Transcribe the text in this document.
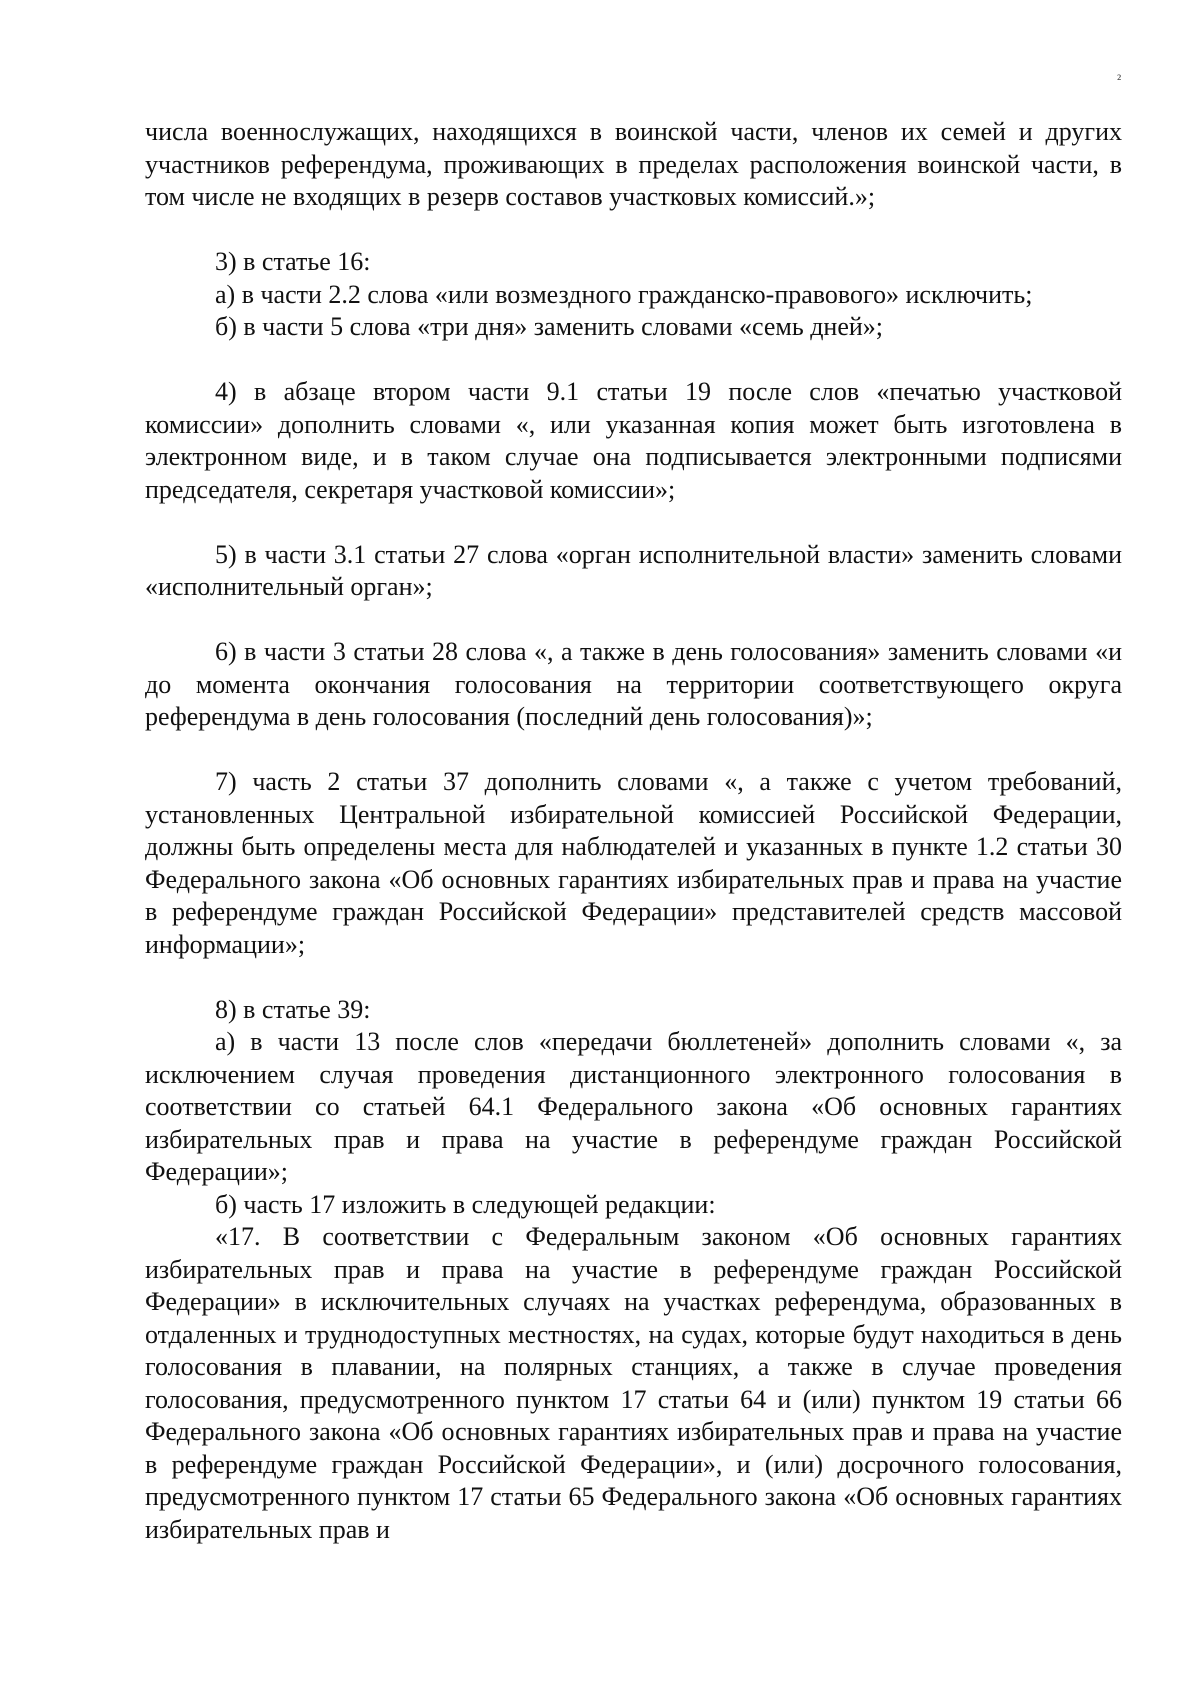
²

числа военнослужащих, находящихся в воинской части, членов их семей и других участников референдума, проживающих в пределах расположения воинской части, в том числе не входящих в резерв составов участковых комиссий.»;

3) в статье 16:

а) в части 2.2 слова «или возмездного гражданско-правового» исключить;

б) в части 5 слова «три дня» заменить словами «семь дней»;

4) в абзаце втором части 9.1 статьи 19 после слов «печатью участковой комиссии» дополнить словами «, или указанная копия может быть изготовлена в электронном виде, и в таком случае она подписывается электронными подписями председателя, секретаря участковой комиссии»;

5) в части 3.1 статьи 27 слова «орган исполнительной власти» заменить словами «исполнительный орган»;

6) в части 3 статьи 28 слова «, а также в день голосования» заменить словами «и до момента окончания голосования на территории соответствующего округа референдума в день голосования (последний день голосования)»;

7) часть 2 статьи 37 дополнить словами «, а также с учетом требований, установленных Центральной избирательной комиссией Российской Федерации, должны быть определены места для наблюдателей и указанных в пункте 1.2 статьи 30 Федерального закона «Об основных гарантиях избирательных прав и права на участие в референдуме граждан Российской Федерации» представителей средств массовой информации»;

8) в статье 39:

а) в части 13 после слов «передачи бюллетеней» дополнить словами «, за исключением случая проведения дистанционного электронного голосования в соответствии со статьей 64.1 Федерального закона «Об основных гарантиях избирательных прав и права на участие в референдуме граждан Российской Федерации»;

б) часть 17 изложить в следующей редакции:

«17. В соответствии с Федеральным законом «Об основных гарантиях избирательных прав и права на участие в референдуме граждан Российской Федерации» в исключительных случаях на участках референдума, образованных в отдаленных и труднодоступных местностях, на судах, которые будут находиться в день голосования в плавании, на полярных станциях, а также в случае проведения голосования, предусмотренного пунктом 17 статьи 64 и (или) пунктом 19 статьи 66 Федерального закона «Об основных гарантиях избирательных прав и права на участие в референдуме граждан Российской Федерации», и (или) досрочного голосования, предусмотренного пунктом 17 статьи 65 Федерального закона «Об основных гарантиях избирательных прав и
